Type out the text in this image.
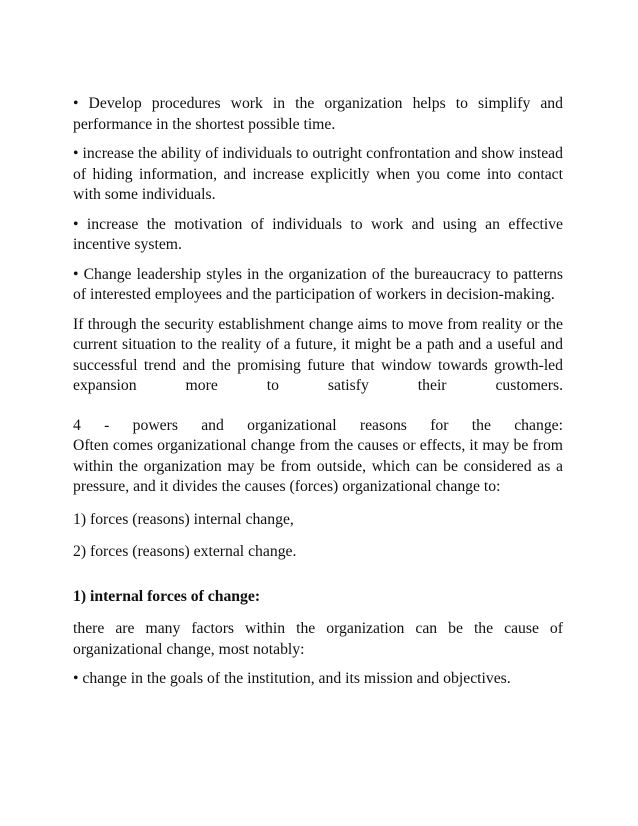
• Develop procedures work in the organization helps to simplify and performance in the shortest possible time.

• increase the ability of individuals to outright confrontation and show instead of hiding information, and increase explicitly when you come into contact with some individuals.

• increase the motivation of individuals to work and using an effective incentive system.

• Change leadership styles in the organization of the bureaucracy to patterns of interested employees and the participation of workers in decision-making.

If through the security establishment change aims to move from reality or the current situation to the reality of a future, it might be a path and a useful and successful trend and the promising future that window towards growth-led expansion more to satisfy their customers.

4 - powers and organizational reasons for the change:

Often comes organizational change from the causes or effects, it may be from within the organization may be from outside, which can be considered as a pressure, and it divides the causes (forces) organizational change to:

1) forces (reasons) internal change,

2) forces (reasons) external change.

1) internal forces of change:

there are many factors within the organization can be the cause of organizational change, most notably:

• change in the goals of the institution, and its mission and objectives.
